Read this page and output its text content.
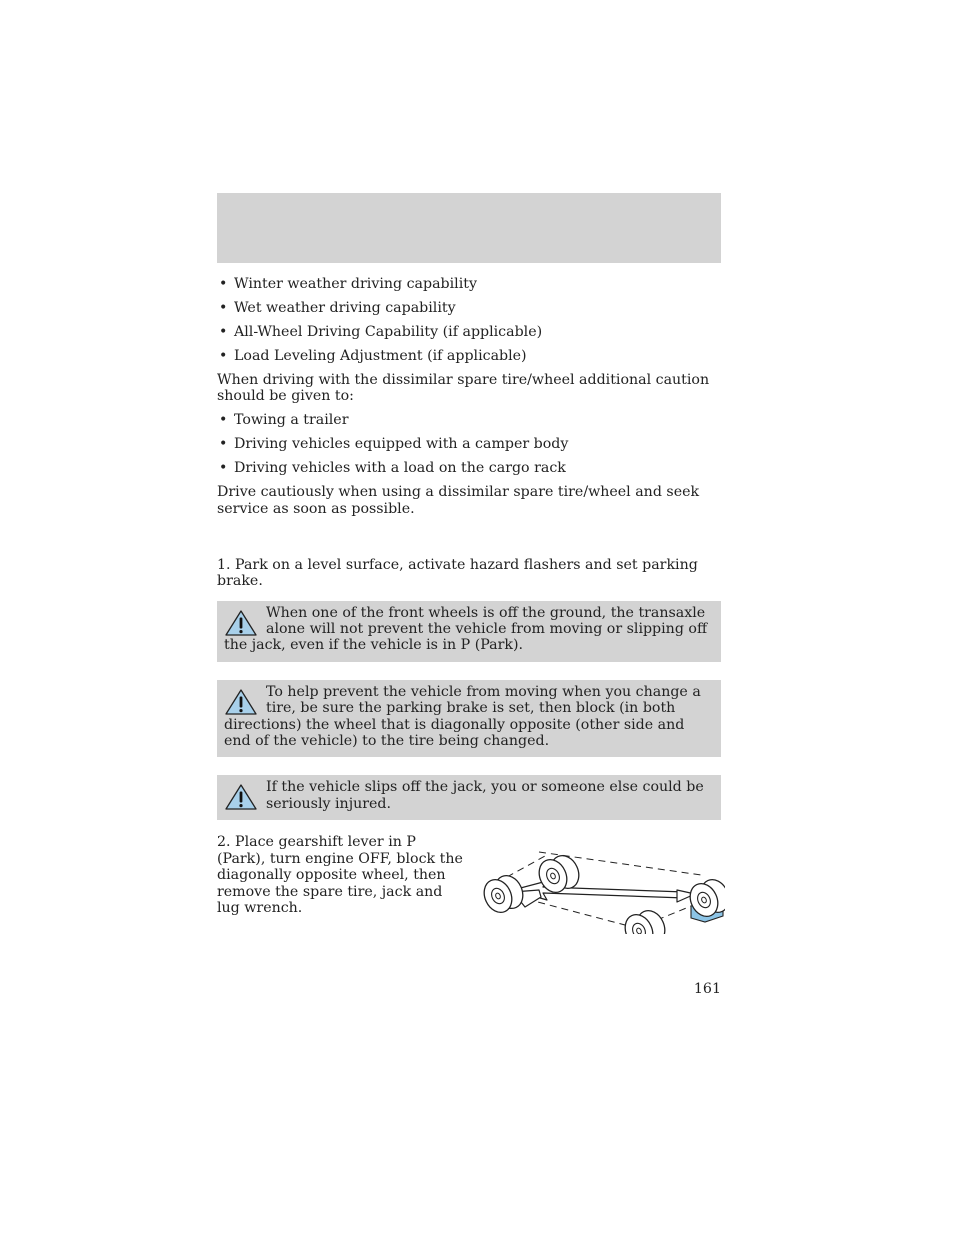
• Winter weather driving capability
• Wet weather driving capability
• All-Wheel Driving Capability (if applicable)
• Load Leveling Adjustment (if applicable)

When driving with the dissimilar spare tire/wheel additional caution should be given to:

• Towing a trailer
• Driving vehicles equipped with a camper body
• Driving vehicles with a load on the cargo rack

Drive cautiously when using a dissimilar spare tire/wheel and seek service as soon as possible.

1. Park on a level surface, activate hazard flashers and set parking brake.

When one of the front wheels is off the ground, the transaxle alone will not prevent the vehicle from moving or slipping off the jack, even if the vehicle is in P (Park).
To help prevent the vehicle from moving when you change a tire, be sure the parking brake is set, then block (in both directions) the wheel that is diagonally opposite (other side and end of the vehicle) to the tire being changed.
If the vehicle slips off the jack, you or someone else could be seriously injured.

2. Place gearshift lever in P (Park), turn engine OFF, block the diagonally opposite wheel, then remove the spare tire, jack and lug wrench.

161
